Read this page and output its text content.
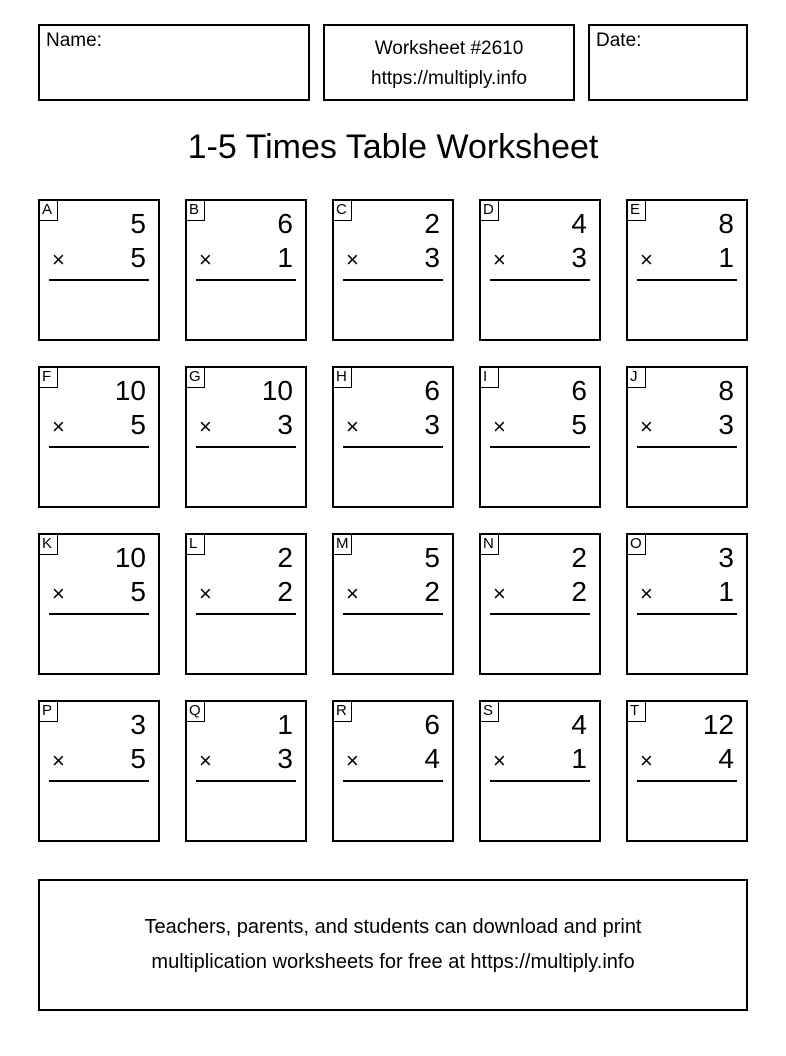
Name:	Worksheet #2610
https://multiply.info
Date:
1-5 Times Table Worksheet
A	5
× 5
B	6
× 1
C	2
× 3
D	4
× 3
E	8
× 1
F 10
× 5
G 10
× 3
H	6
× 3
I	6
× 5
J	8
× 3
K 10
× 5
L	2
× 2
M	5
× 2
N	2
× 2
O	3
× 1
P	3
× 5
Q	1
× 3
R	6
× 4
S	4
× 1
T 12
× 4
Teachers, parents, and students can download and print
multiplication worksheets for free at https://multiply.info
